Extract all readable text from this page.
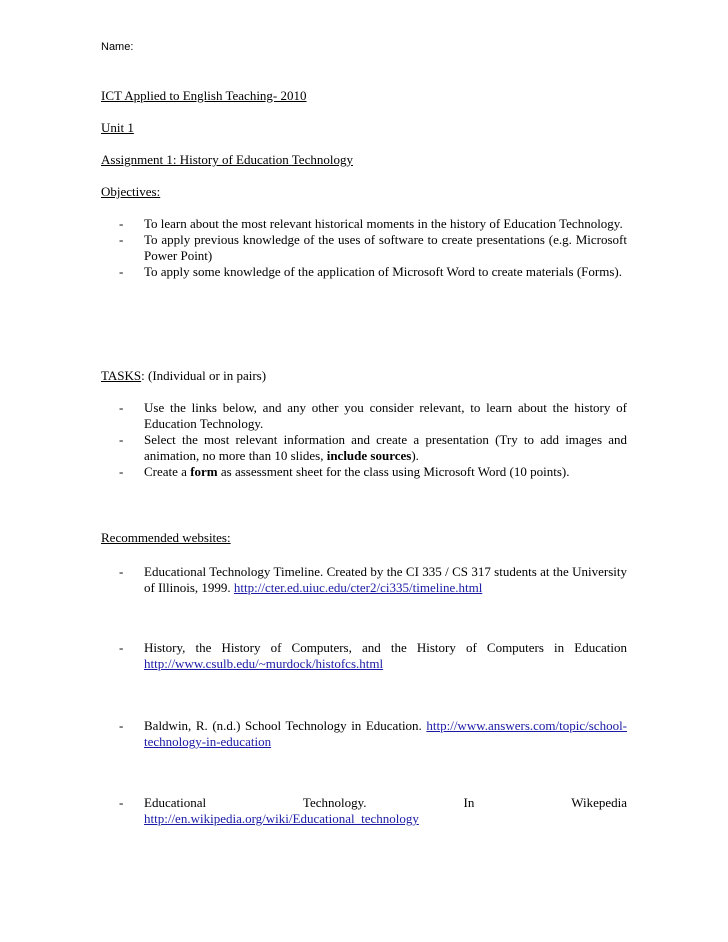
Name:
ICT Applied to English Teaching- 2010
Unit 1
Assignment 1: History of Education Technology
Objectives:
- To learn about the most relevant historical moments in the history of Education Technology.
- To apply previous knowledge of the uses of software to create presentations (e.g. Microsoft Power Point)
- To apply some knowledge of the application of Microsoft Word to create materials (Forms).
TASKS: (Individual or in pairs)
- Use the links below, and any other you consider relevant, to learn about the history of Education Technology.
- Select the most relevant information and create a presentation (Try to add images and animation, no more than 10 slides, include sources).
- Create a form as assessment sheet for the class using Microsoft Word (10 points).
Recommended websites:
- Educational Technology Timeline. Created by the CI 335 / CS 317 students at the University of Illinois, 1999. http://cter.ed.uiuc.edu/cter2/ci335/timeline.html
- History, the History of Computers, and the History of Computers in Education http://www.csulb.edu/~murdock/histofcs.html
- Baldwin, R. (n.d.) School Technology in Education. http://www.answers.com/topic/school-technology-in-education
- Educational Technology. In Wikepedia
http://en.wikipedia.org/wiki/Educational_technology
